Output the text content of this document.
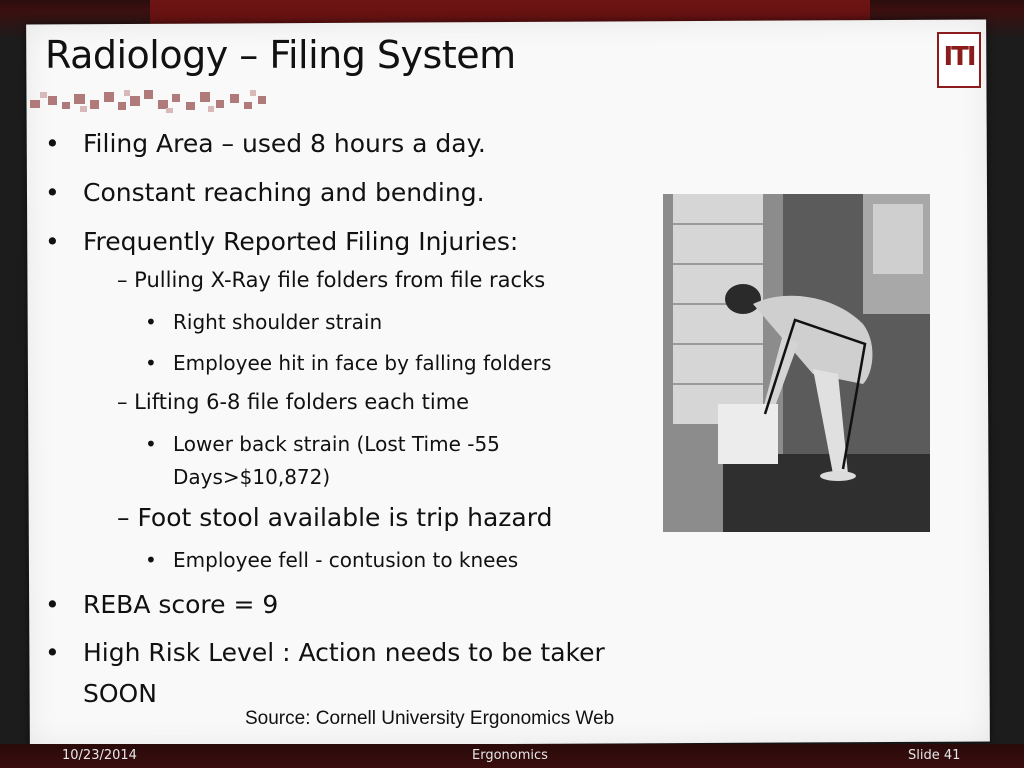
Radiology – Filing System	ITI
• Filing Area – used 8 hours a day.
• Constant reaching and bending.
• Frequently Reported Filing Injuries:
– Pulling X-Ray file folders from file racks
• Right shoulder strain
• Employee hit in face by falling folders
– Lifting 6-8 file folders each time
• Lower back strain (Lost Time -55
Days>$10,872)
– Foot stool available is trip hazard
• Employee fell - contusion to knees
• REBA score = 9
• High Risk Level : Action needs to be taker
SOON
Source: Cornell University Ergonomics Web
10/23/2014	Ergonomics	Slide 41
